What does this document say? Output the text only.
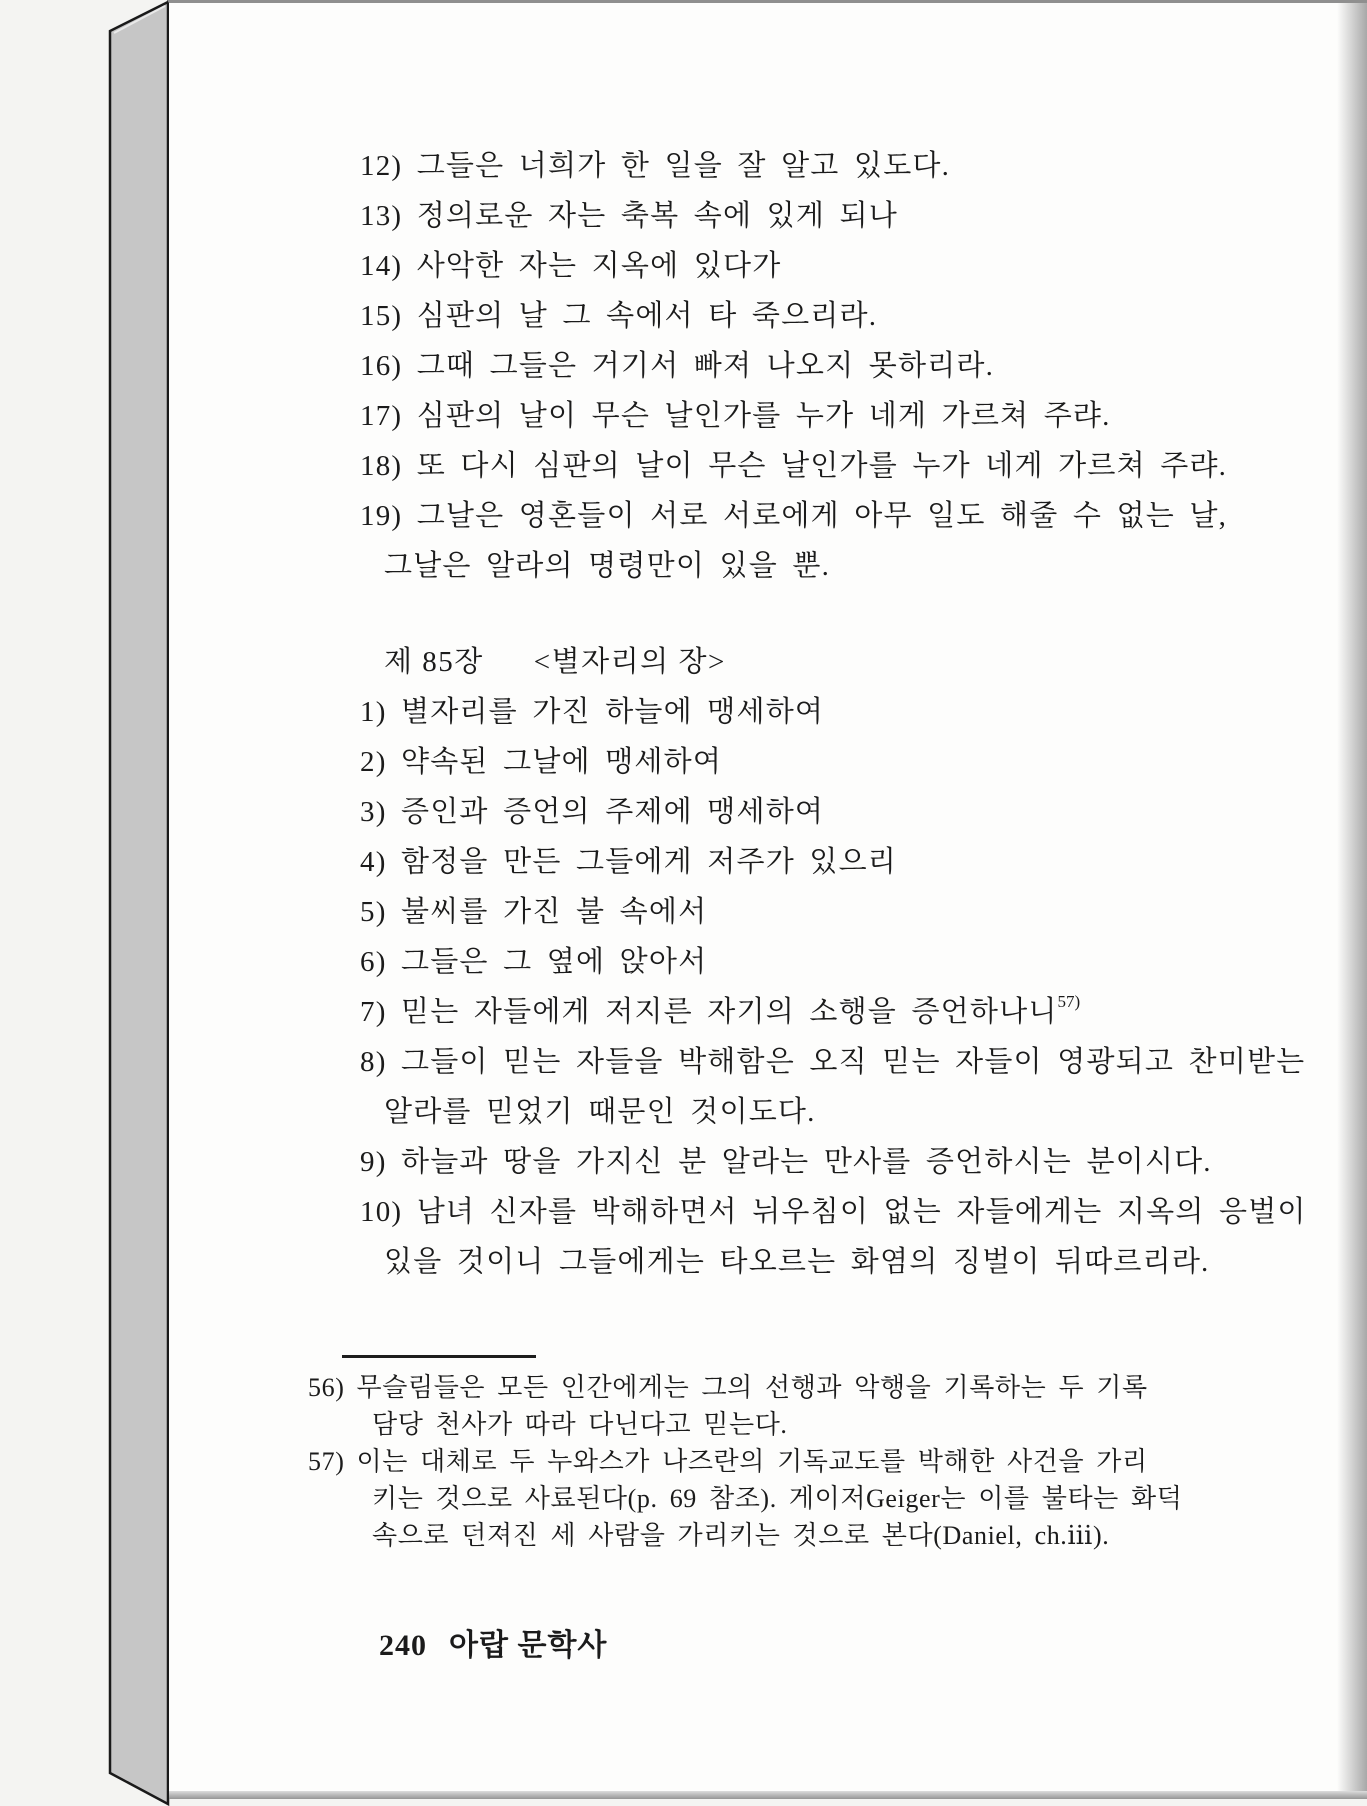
12) 그들은 너희가 한 일을 잘 알고 있도다.
13) 정의로운 자는 축복 속에 있게 되나
14) 사악한 자는 지옥에 있다가
15) 심판의 날 그 속에서 타 죽으리라.
16) 그때 그들은 거기서 빠져 나오지 못하리라.
17) 심판의 날이 무슨 날인가를 누가 네게 가르쳐 주랴.
18) 또 다시 심판의 날이 무슨 날인가를 누가 네게 가르쳐 주랴.
19) 그날은 영혼들이 서로 서로에게 아무 일도 해줄 수 없는 날,
그날은 알라의 명령만이 있을 뿐.
제 85장 <별자리의 장>
1) 별자리를 가진 하늘에 맹세하여
2) 약속된 그날에 맹세하여
3) 증인과 증언의 주제에 맹세하여
4) 함정을 만든 그들에게 저주가 있으리
5) 불씨를 가진 불 속에서
6) 그들은 그 옆에 앉아서
7) 믿는 자들에게 저지른 자기의 소행을 증언하나니$^{57)}$
8) 그들이 믿는 자들을 박해함은 오직 믿는 자들이 영광되고 찬미받는
알라를 믿었기 때문인 것이도다.
9) 하늘과 땅을 가지신 분 알라는 만사를 증언하시는 분이시다.
10) 남녀 신자를 박해하면서 뉘우침이 없는 자들에게는 지옥의 응벌이
있을 것이니 그들에게는 타오르는 화염의 징벌이 뒤따르리라.
56) 무슬림들은 모든 인간에게는 그의 선행과 악행을 기록하는 두 기록
담당 천사가 따라 다닌다고 믿는다.
57) 이는 대체로 두 누와스가 나즈란의 기독교도를 박해한 사건을 가리
키는 것으로 사료된다(p. 69 참조). 게이저Geiger는 이를 불타는 화덕
속으로 던져진 세 사람을 가리키는 것으로 본다(Daniel, ch.ⅲ).
240 아랍 문학사
